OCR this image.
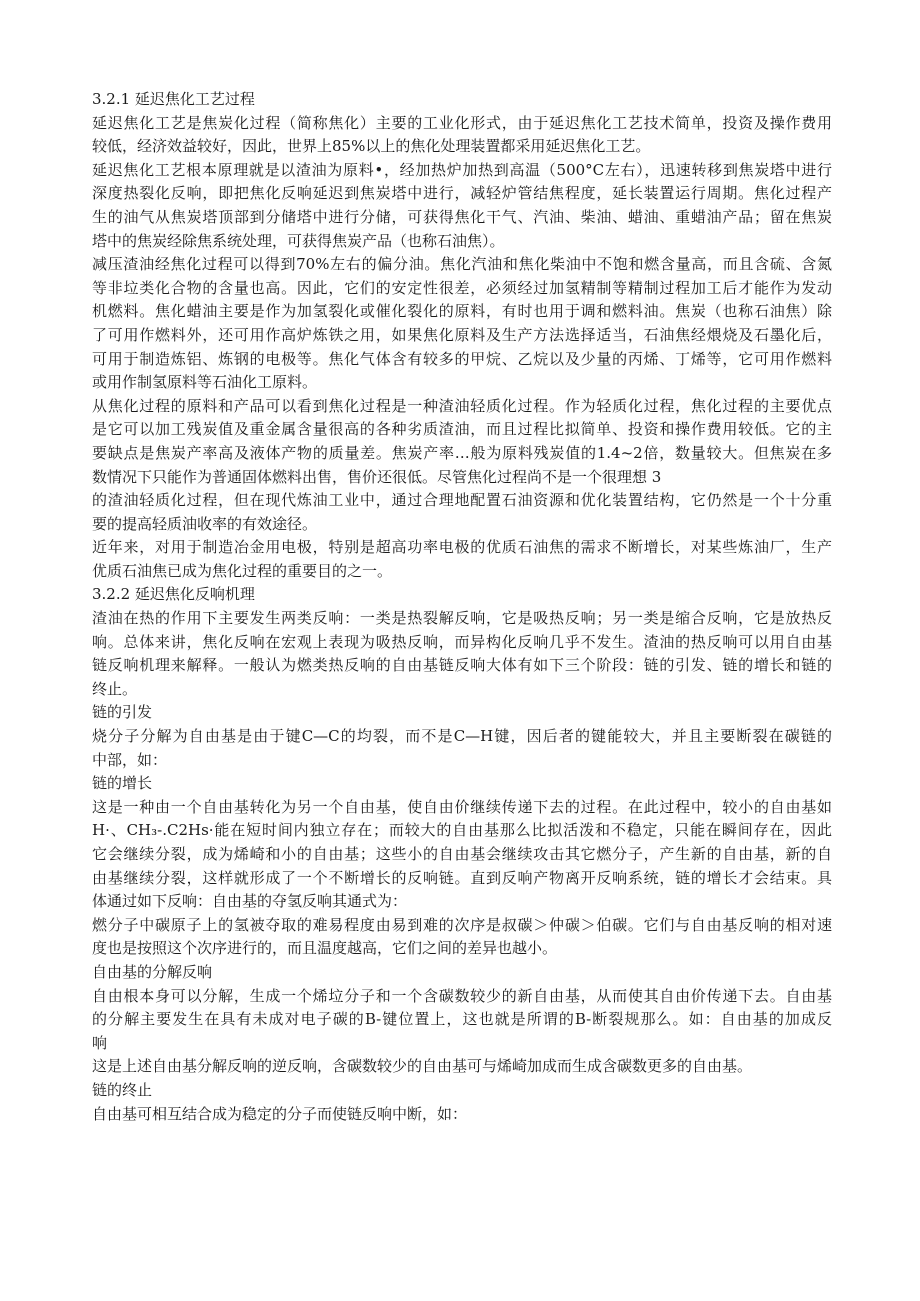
3.2.1 延迟焦化工艺过程
延迟焦化工艺是焦炭化过程（简称焦化）主要的工业化形式，由于延迟焦化工艺技术简单，投资及操作费用
较低，经济效益较好，因此，世界上85%以上的焦化处理装置都采用延迟焦化工艺。
延迟焦化工艺根本原理就是以渣油为原料•，经加热炉加热到高温（500°C左右），迅速转移到焦炭塔中进行
深度热裂化反响，即把焦化反响延迟到焦炭塔中进行，减轻炉管结焦程度，延长装置运行周期。焦化过程产
生的油气从焦炭塔顶部到分储塔中进行分储，可获得焦化干气、汽油、柴油、蜡油、重蜡油产品；留在焦炭
塔中的焦炭经除焦系统处理，可获得焦炭产品（也称石油焦）。
减压渣油经焦化过程可以得到70%左右的偏分油。焦化汽油和焦化柴油中不饱和燃含量高，而且含硫、含氮
等非垃类化合物的含量也高。因此，它们的安定性很差，必须经过加氢精制等精制过程加工后才能作为发动
机燃料。焦化蜡油主要是作为加氢裂化或催化裂化的原料，有时也用于调和燃料油。焦炭（也称石油焦）除
了可用作燃料外，还可用作高炉炼铁之用，如果焦化原料及生产方法选择适当，石油焦经煨烧及石墨化后，
可用于制造炼铝、炼钢的电极等。焦化气体含有较多的甲烷、乙烷以及少量的丙烯、丁烯等，它可用作燃料
或用作制氢原料等石油化工原料。
从焦化过程的原料和产品可以看到焦化过程是一种渣油轻质化过程。作为轻质化过程，焦化过程的主要优点
是它可以加工残炭值及重金属含量很高的各种劣质渣油，而且过程比拟简单、投资和操作费用较低。它的主
要缺点是焦炭产率高及液体产物的质量差。焦炭产率…般为原料残炭值的1.4~2倍，数量较大。但焦炭在多
数情况下只能作为普通固体燃料出售，售价还很低。尽管焦化过程尚不是一个很理想 3
的渣油轻质化过程，但在现代炼油工业中，通过合理地配置石油资源和优化装置结构，它仍然是一个十分重
要的提高轻质油收率的有效途径。
近年来，对用于制造冶金用电极，特别是超高功率电极的优质石油焦的需求不断增长，对某些炼油厂，生产
优质石油焦已成为焦化过程的重要目的之一。
3.2.2 延迟焦化反响机理
渣油在热的作用下主要发生两类反响：一类是热裂解反响，它是吸热反响；另一类是缩合反响，它是放热反
响。总体来讲，焦化反响在宏观上表现为吸热反响，而异构化反响几乎不发生。渣油的热反响可以用自由基
链反响机理来解释。一般认为燃类热反响的自由基链反响大体有如下三个阶段：链的引发、链的增长和链的
终止。
链的引发
烧分子分解为自由基是由于键C—C的均裂，而不是C—H键，因后者的键能较大，并且主要断裂在碳链的
中部，如：
链的增长
这是一种由一个自由基转化为另一个自由基，使自由价继续传递下去的过程。在此过程中，较小的自由基如
H·、CH₃-.C2Hs·能在短时间内独立存在；而较大的自由基那么比拟活泼和不稳定，只能在瞬间存在，因此
它会继续分裂，成为烯崎和小的自由基；这些小的自由基会继续攻击其它燃分子，产生新的自由基，新的自
由基继续分裂，这样就形成了一个不断增长的反响链。直到反响产物离开反响系统，链的增长才会结束。具
体通过如下反响：自由基的夺氢反响其通式为：
燃分子中碳原子上的氢被夺取的难易程度由易到难的次序是叔碳＞仲碳＞伯碳。它们与自由基反响的相对速
度也是按照这个次序进行的，而且温度越高，它们之间的差异也越小。
自由基的分解反响
自由根本身可以分解，生成一个烯垃分子和一个含碳数较少的新自由基，从而使其自由价传递下去。自由基
的分解主要发生在具有未成对电子碳的B-键位置上，这也就是所谓的B-断裂规那么。如：自由基的加成反
响
这是上述自由基分解反响的逆反响，含碳数较少的自由基可与烯崎加成而生成含碳数更多的自由基。
链的终止
自由基可相互结合成为稳定的分子而使链反响中断，如：
